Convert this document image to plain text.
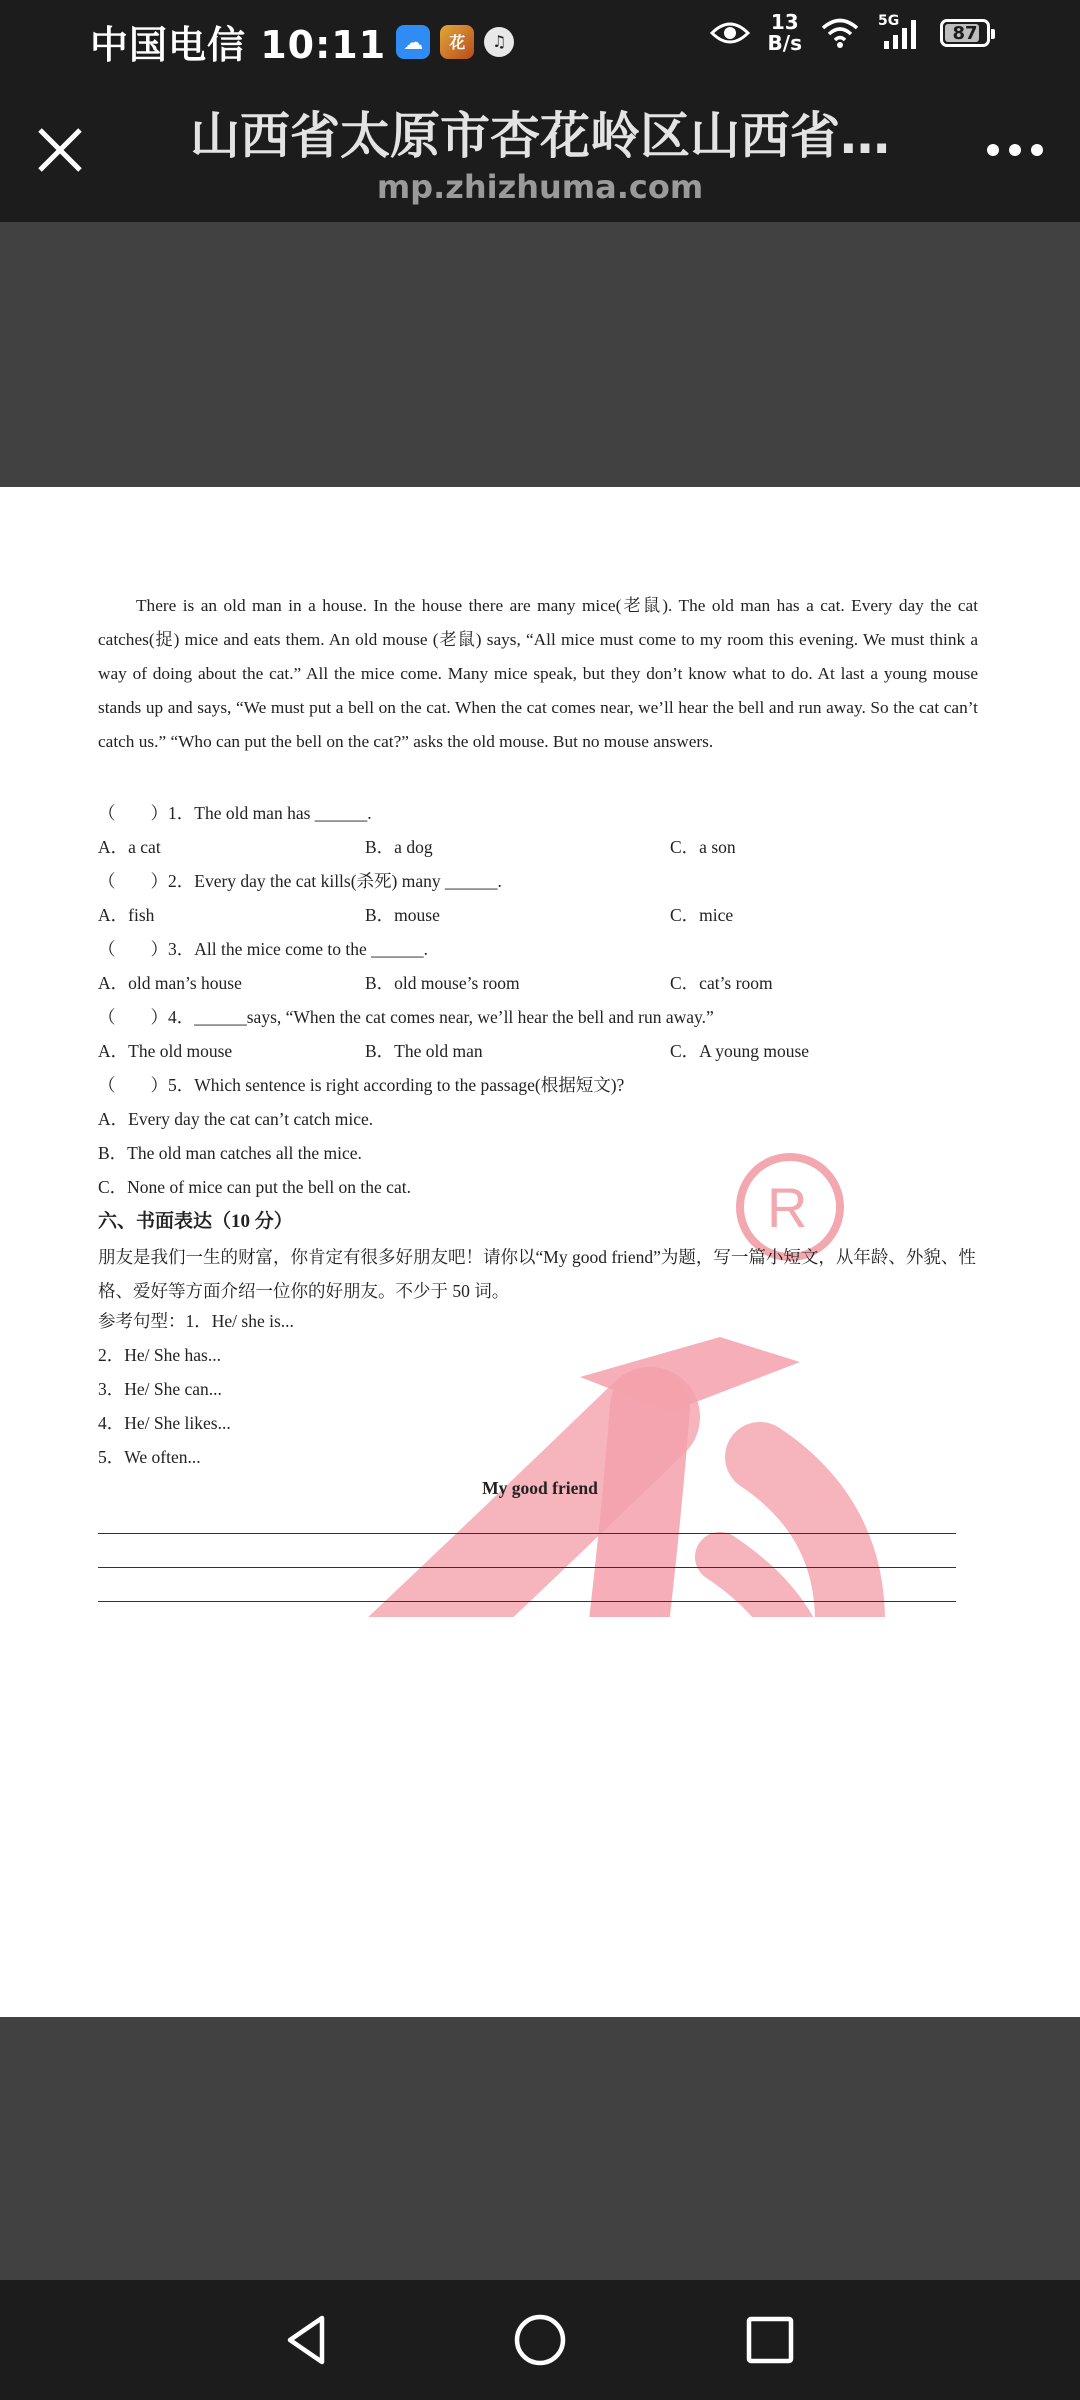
中国电信 10:11 ☁	花	♫
13
B/s
5G
87
山西省太原市杏花岭区山西省…
mp.zhizhuma.com
R

There is an old man in a house. In the house there are many mice(老鼠). The old man has a cat. Every day the cat catches(捉) mice and eats them. An old mouse (老鼠) says, “All mice must come to my room this evening. We must think a way of doing about the cat.” All the mice come. Many mice speak, but they don’t know what to do. At last a young mouse stands up and says, “We must put a bell on the cat. When the cat comes near, we’ll hear the bell and run away. So the cat can’t catch us.” “Who can put the bell on the cat?” asks the old mouse. But no mouse answers.

（　　）1．The old man has ______.
A．a cat	B．a dog	C．a son
（　　）2．Every day the cat kills(杀死) many ______.
A．fish	B．mouse	C．mice
（　　）3．All the mice come to the ______.
A．old man’s house	B．old mouse’s room	C．cat’s room
（　　）4．______says, “When the cat comes near, we’ll hear the bell and run away.”
A．The old mouse	B．The old man	C．A young mouse
（　　）5．Which sentence is right according to the passage(根据短文)?
A．Every day the cat can’t catch mice.
B．The old man catches all the mice.
C．None of mice can put the bell on the cat.
六、书面表达（10 分）
朋友是我们一生的财富，你肯定有很多好朋友吧！请你以“My good friend”为题，写一篇小短文，从年龄、外貌、性格、爱好等方面介绍一位你的好朋友。不少于 50 词。
参考句型：1．He/ she is...
2．He/ She has...
3．He/ She can...
4．He/ She likes...
5．We often...
My good friend
